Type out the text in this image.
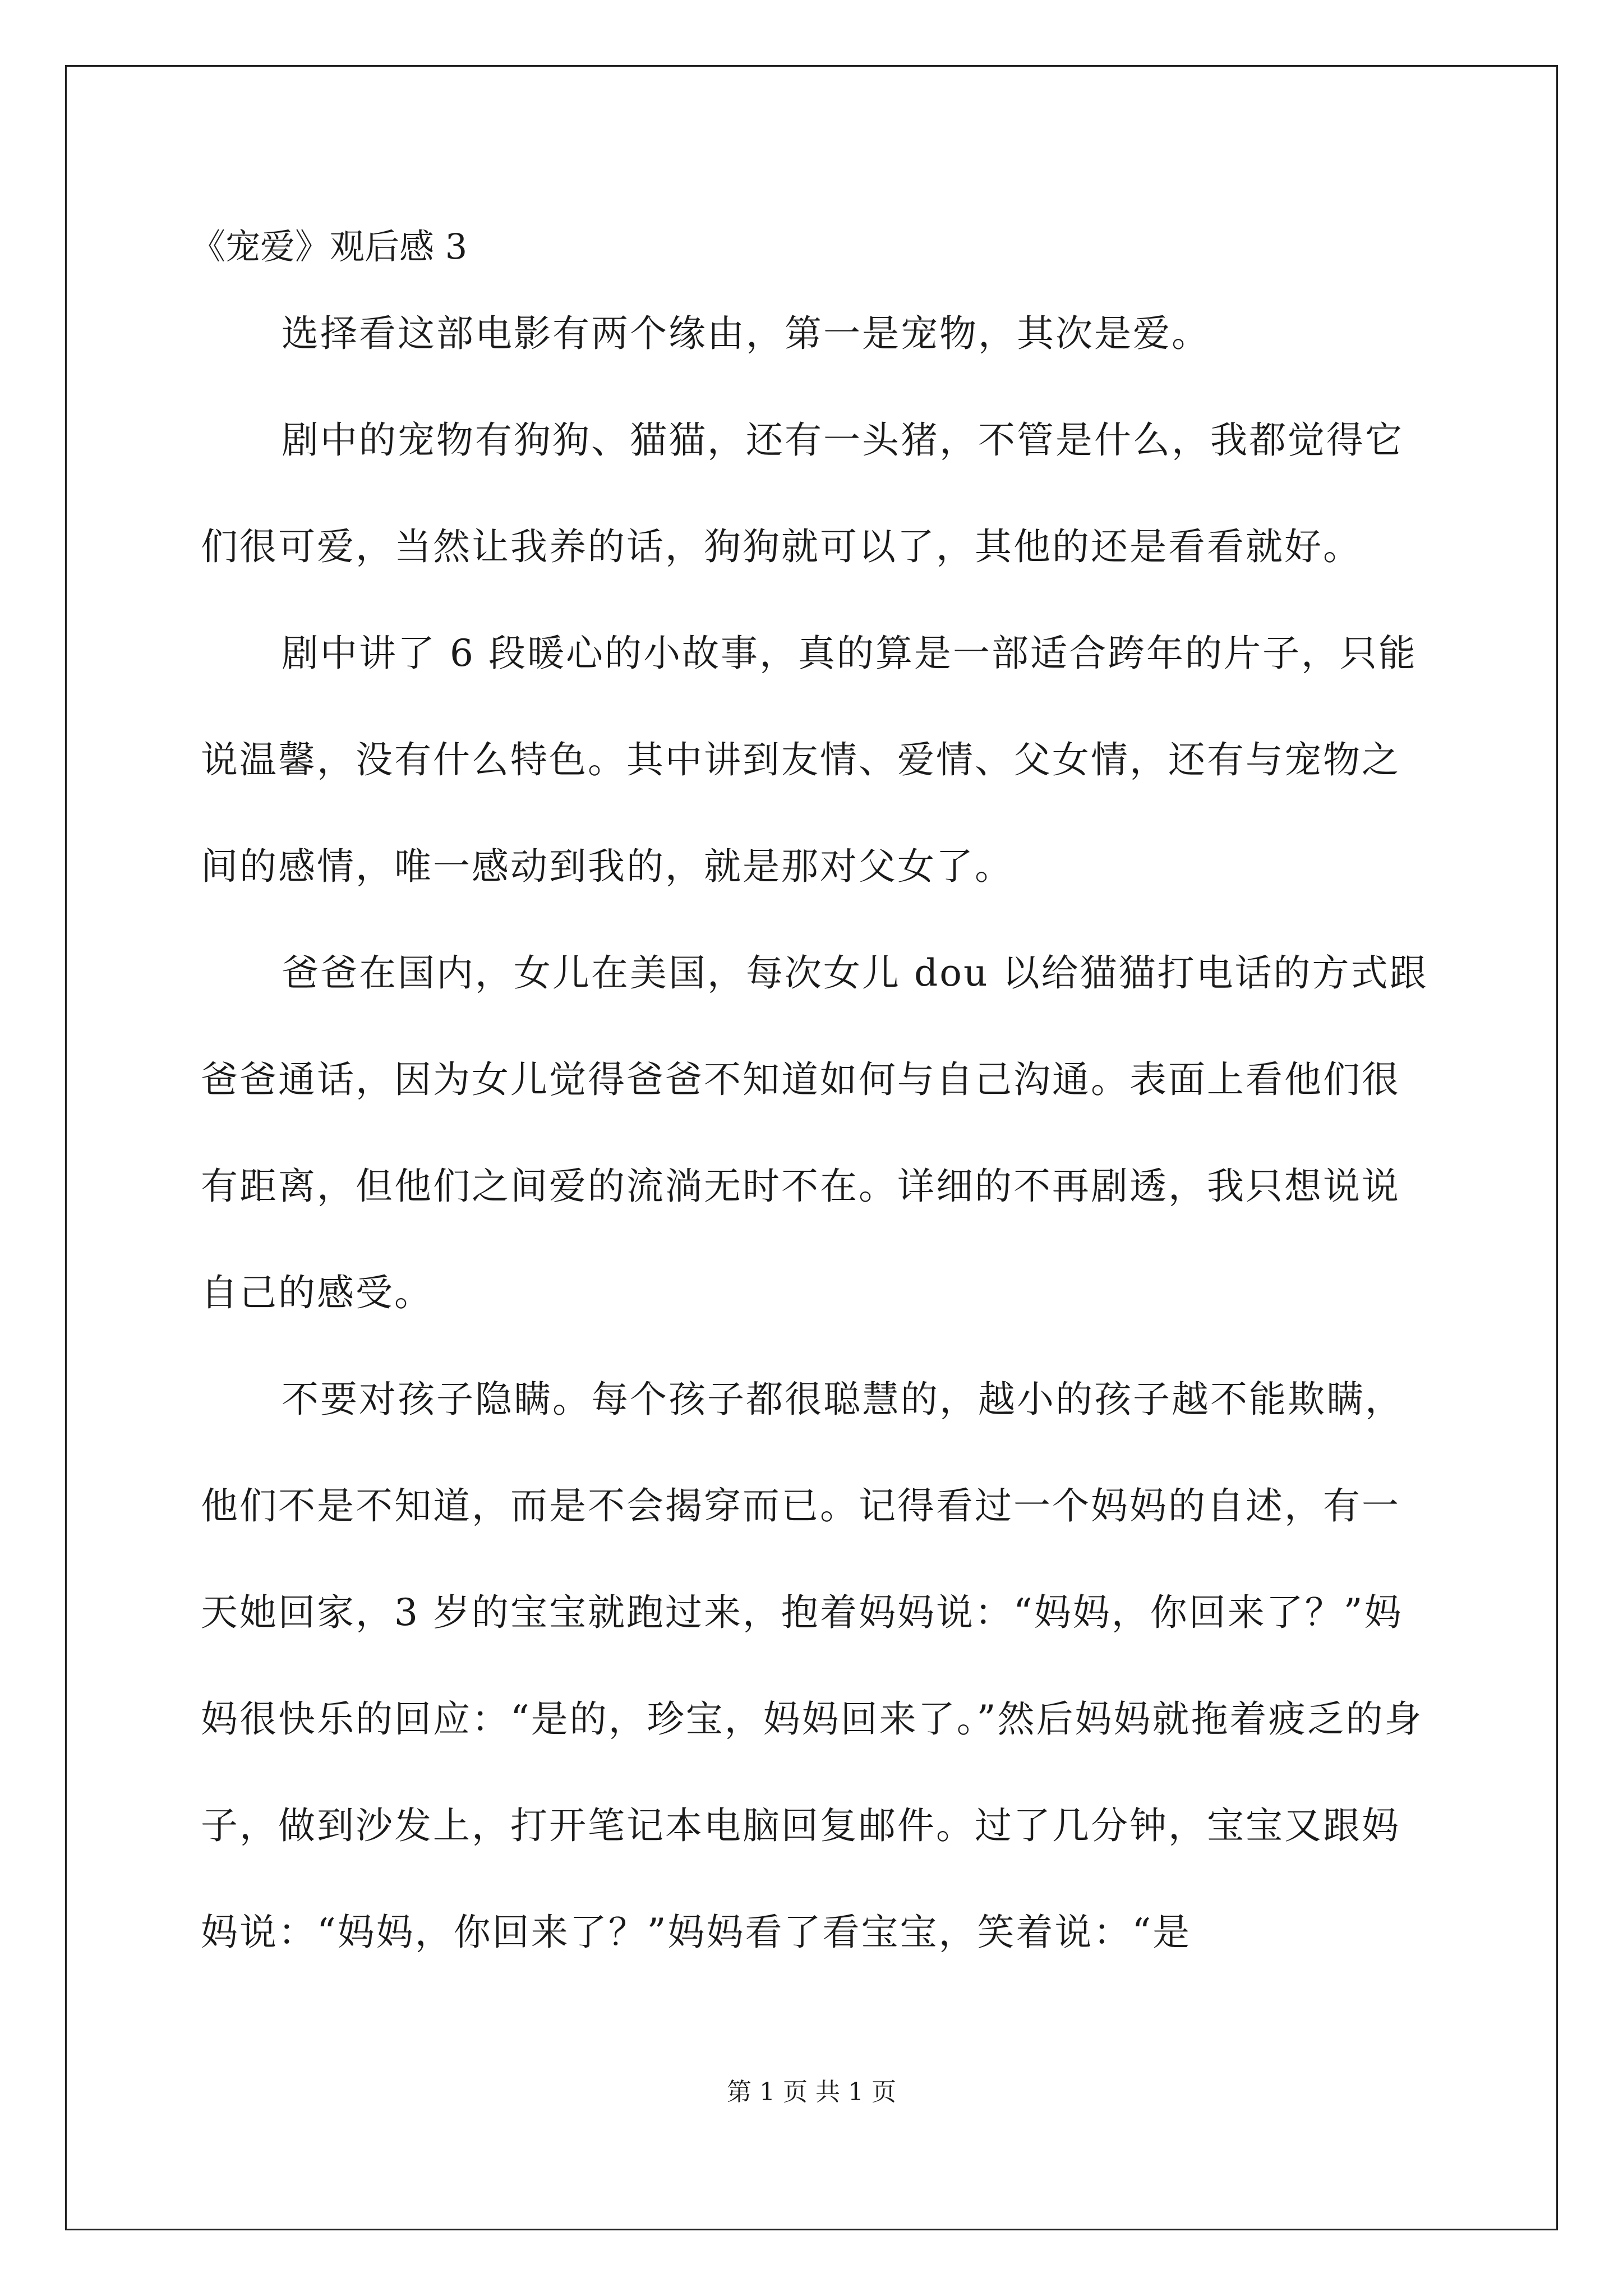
《宠爱》观后感 3

选择看这部电影有两个缘由，第一是宠物，其次是爱。

剧中的宠物有狗狗、猫猫，还有一头猪，不管是什么，我都觉得它们很可爱，当然让我养的话，狗狗就可以了，其他的还是看看就好。

剧中讲了 6 段暖心的小故事，真的算是一部适合跨年的片子，只能说温馨，没有什么特色。其中讲到友情、爱情、父女情，还有与宠物之间的感情，唯一感动到我的，就是那对父女了。

爸爸在国内，女儿在美国，每次女儿 dou 以给猫猫打电话的方式跟爸爸通话，因为女儿觉得爸爸不知道如何与自己沟通。表面上看他们很有距离，但他们之间爱的流淌无时不在。详细的不再剧透，我只想说说自己的感受。

不要对孩子隐瞒。每个孩子都很聪慧的，越小的孩子越不能欺瞒，他们不是不知道，而是不会揭穿而已。记得看过一个妈妈的自述，有一天她回家，3 岁的宝宝就跑过来，抱着妈妈说：“妈妈，你回来了？”妈妈很快乐的回应：“是的，珍宝，妈妈回来了。”然后妈妈就拖着疲乏的身子，做到沙发上，打开笔记本电脑回复邮件。过了几分钟，宝宝又跟妈妈说：“妈妈，你回来了？”妈妈看了看宝宝，笑着说：“是

第 1 页 共 1 页
